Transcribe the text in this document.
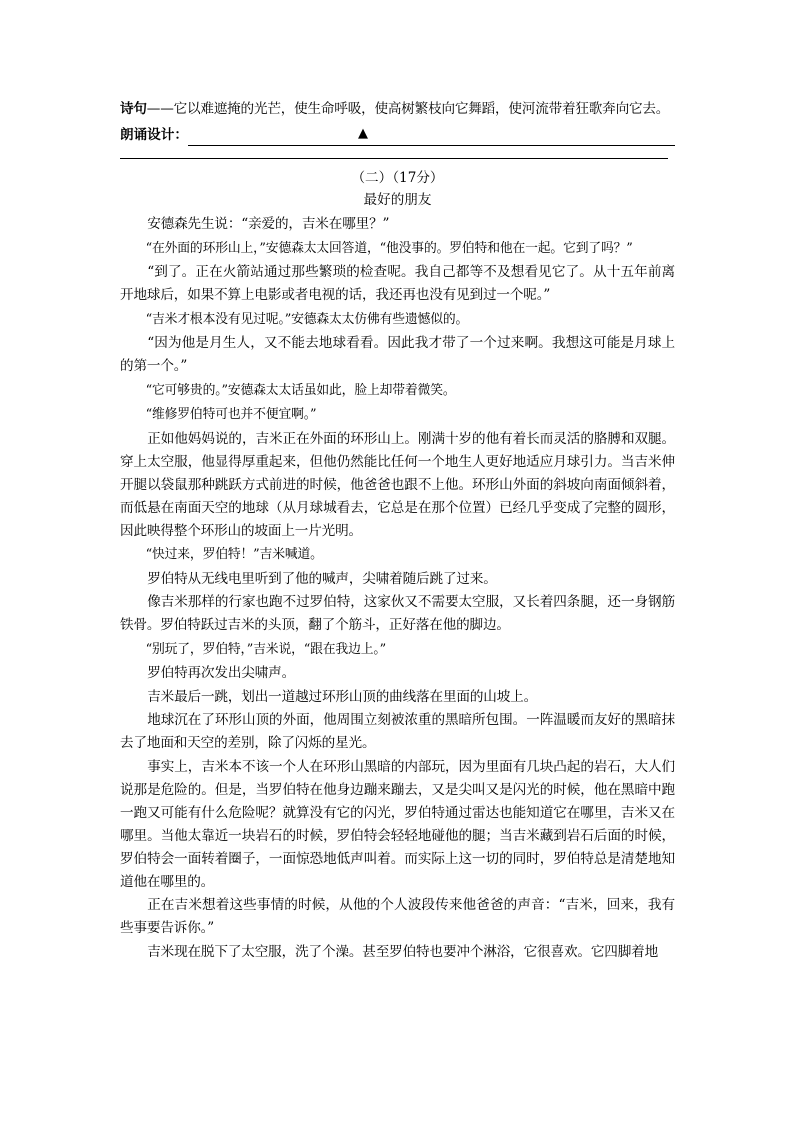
诗句——它以难遮掩的光芒，使生命呼吸，使高树繁枝向它舞蹈，使河流带着狂歌奔向它去。
朗诵设计：	▲
（二）（17分）
最好的朋友

安德森先生说：“亲爱的，吉米在哪里？”

“在外面的环形山上，”安德森太太回答道，“他没事的。罗伯特和他在一起。它到了吗？”

“到了。正在火箭站通过那些繁琐的检查呢。我自己都等不及想看见它了。从十五年前离开地球后，如果不算上电影或者电视的话，我还再也没有见到过一个呢。”

“吉米才根本没有见过呢。”安德森太太仿佛有些遗憾似的。

“因为他是月生人，又不能去地球看看。因此我才带了一个过来啊。我想这可能是月球上的第一个。”

“它可够贵的。”安德森太太话虽如此，脸上却带着微笑。

“维修罗伯特可也并不便宜啊。”

正如他妈妈说的，吉米正在外面的环形山上。刚满十岁的他有着长而灵活的胳膊和双腿。穿上太空服，他显得厚重起来，但他仍然能比任何一个地生人更好地适应月球引力。当吉米伸开腿以袋鼠那种跳跃方式前进的时候，他爸爸也跟不上他。环形山外面的斜坡向南面倾斜着，而低悬在南面天空的地球（从月球城看去，它总是在那个位置）已经几乎变成了完整的圆形，因此映得整个环形山的坡面上一片光明。

“快过来，罗伯特！”吉米喊道。

罗伯特从无线电里听到了他的喊声，尖啸着随后跳了过来。

像吉米那样的行家也跑不过罗伯特，这家伙又不需要太空服，又长着四条腿，还一身钢筋铁骨。罗伯特跃过吉米的头顶，翻了个筋斗，正好落在他的脚边。

“别玩了，罗伯特，”吉米说，“跟在我边上。”

罗伯特再次发出尖啸声。

吉米最后一跳，划出一道越过环形山顶的曲线落在里面的山坡上。

地球沉在了环形山顶的外面，他周围立刻被浓重的黑暗所包围。一阵温暖而友好的黑暗抹去了地面和天空的差别，除了闪烁的星光。

事实上，吉米本不该一个人在环形山黑暗的内部玩，因为里面有几块凸起的岩石，大人们说那是危险的。但是，当罗伯特在他身边蹦来蹦去，又是尖叫又是闪光的时候，他在黑暗中跑一跑又可能有什么危险呢？就算没有它的闪光，罗伯特通过雷达也能知道它在哪里，吉米又在哪里。当他太靠近一块岩石的时候，罗伯特会轻轻地碰他的腿；当吉米藏到岩石后面的时候，罗伯特会一面转着圈子，一面惊恐地低声叫着。而实际上这一切的同时，罗伯特总是清楚地知道他在哪里的。

正在吉米想着这些事情的时候，从他的个人波段传来他爸爸的声音：“吉米，回来，我有些事要告诉你。”

吉米现在脱下了太空服，洗了个澡。甚至罗伯特也要冲个淋浴，它很喜欢。它四脚着地
